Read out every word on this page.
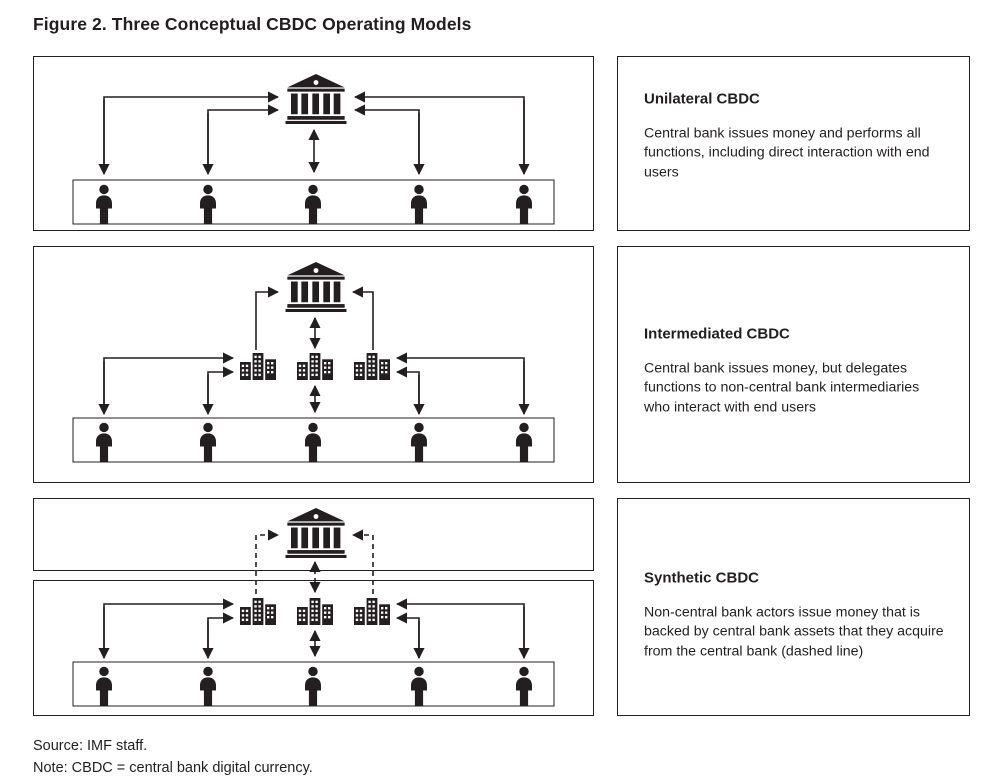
Figure 2. Three Conceptual CBDC Operating Models
Unilateral CBDC
Central bank issues money and performs all functions, including direct interaction with end users
Intermediated CBDC
Central bank issues money, but delegates functions to non-central bank intermediaries who interact with end users
Synthetic CBDC
Non-central bank actors issue money that is backed by central bank assets that they acquire from the central bank (dashed line)
Source: IMF staff.
Note: CBDC = central bank digital currency.
